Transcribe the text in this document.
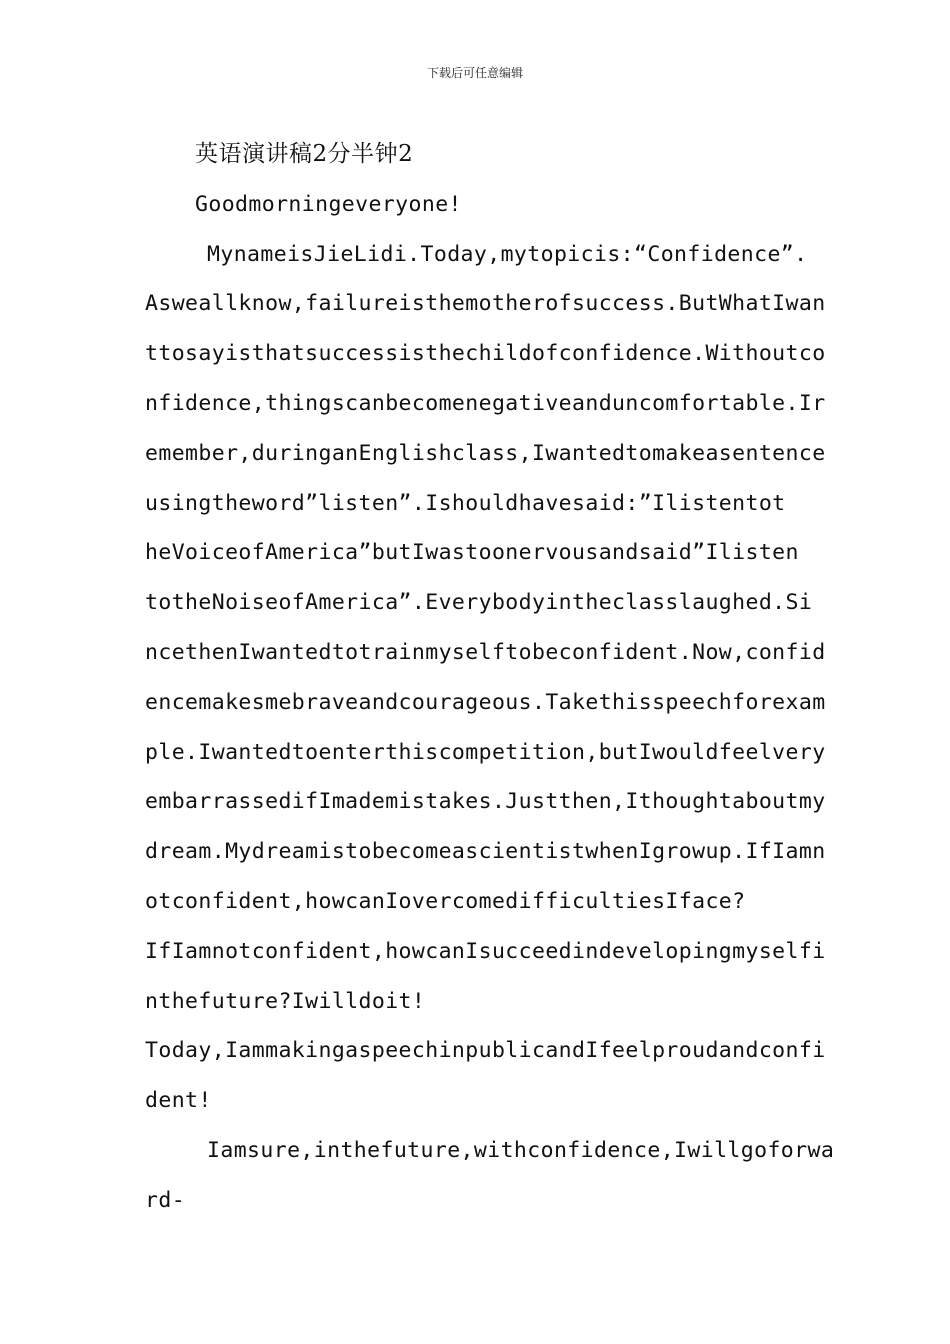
下载后可任意编辑
英语演讲稿2分半钟2
Goodmorningeveryone!
MynameisJieLidi.Today,mytopicis:“Confidence”.
Asweallknow,failureisthemotherofsuccess.ButWhatIwan
ttosayisthatsuccessisthechildofconfidence.Withoutco
nfidence,thingscanbecomenegativeanduncomfortable.Ir
emember,duringanEnglishclass,Iwantedtomakeasentence
usingtheword”listen”.Ishouldhavesaid:”Ilistentot
heVoiceofAmerica”butIwastoonervousandsaid”Ilisten
totheNoiseofAmerica”.Everybodyintheclasslaughed.Si
ncethenIwantedtotrainmyselftobeconfident.Now,confid
encemakesmebraveandcourageous.Takethisspeechforexam
ple.Iwantedtoenterthiscompetition,butIwouldfeelvery
embarrassedifImademistakes.Justthen,Ithoughtaboutmy
dream.MydreamistobecomeascientistwhenIgrowup.IfIamn
otconfident,howcanIovercomedifficultiesIface?
IfIamnotconfident,howcanIsucceedindevelopingmyselfi
nthefuture?Iwilldoit!
Today,IammakingaspeechinpublicandIfeelproudandconfi
dent!
Iamsure,inthefuture,withconfidence,Iwillgoforwa
rd-
